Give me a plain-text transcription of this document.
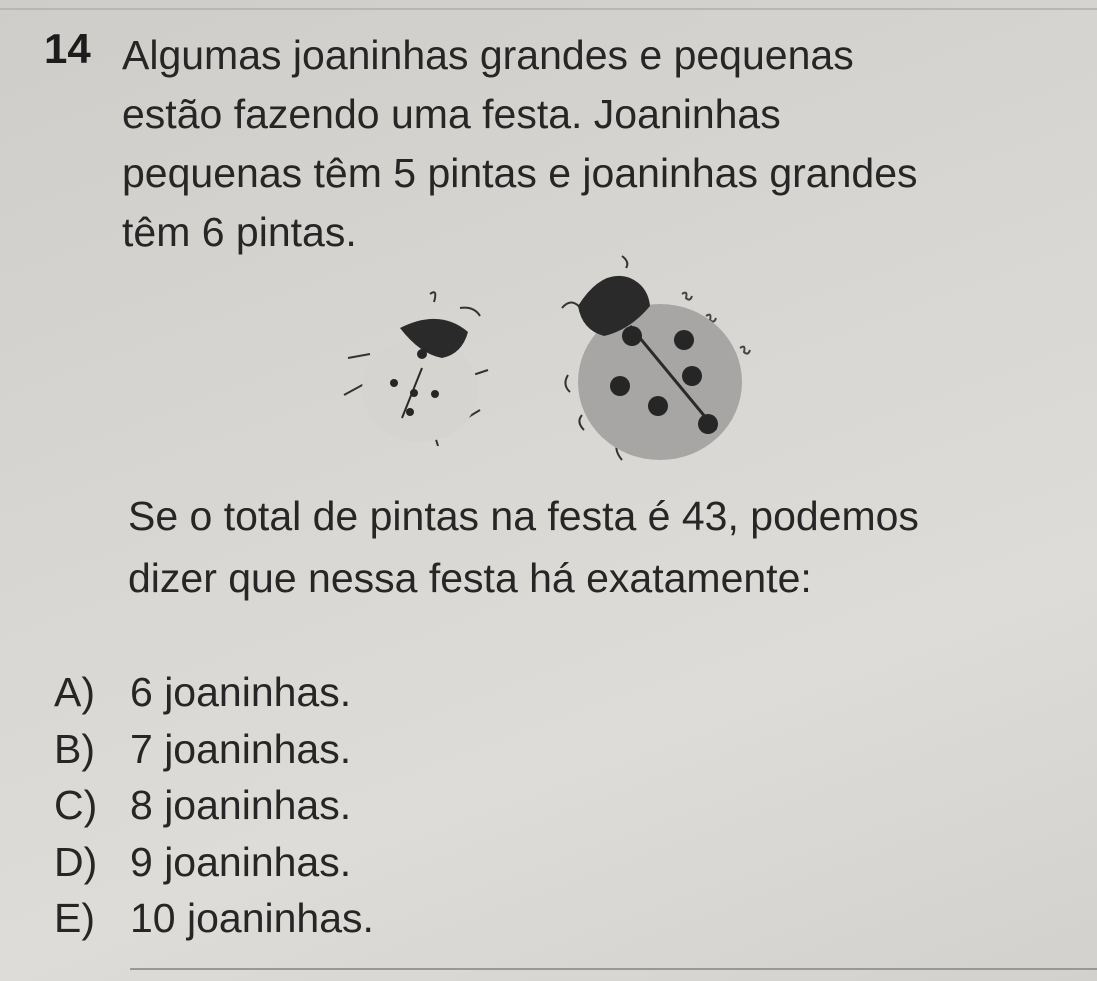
14 Algumas joaninhas grandes e pequenas
estão fazendo uma festa. Joaninhas
pequenas têm 5 pintas e joaninhas grandes
têm 6 pintas.
Se o total de pintas na festa é 43, podemos
dizer que nessa festa há exatamente:
A) 6 joaninhas.
B) 7 joaninhas.
C) 8 joaninhas.
D) 9 joaninhas.
E) 10 joaninhas.
